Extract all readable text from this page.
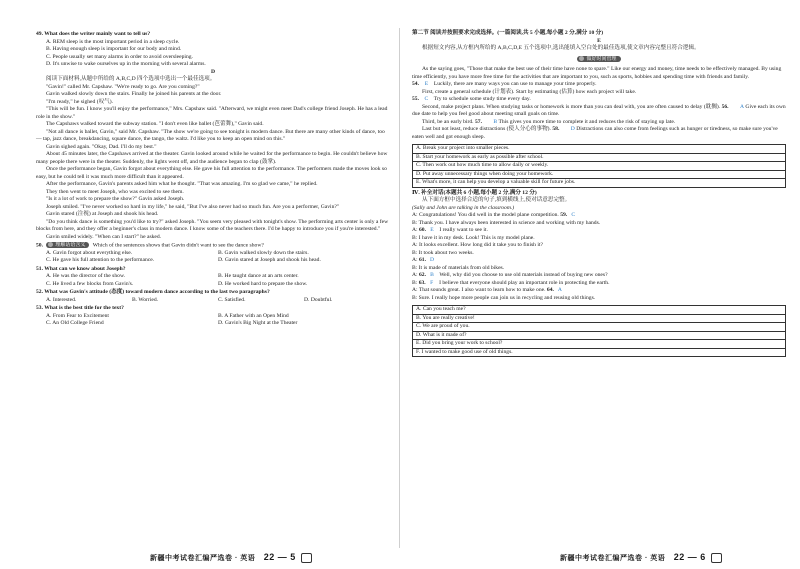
49. What does the writer mainly want to tell us?

A. REM sleep is the most important period in a sleep cycle.

B. Having enough sleep is important for our body and mind.

C. People usually set many alarms in order to avoid oversleeping.

D. It's unwise to wake ourselves up in the morning with several alarms.

D

阅读下面材料,从题中所给的 A,B,C,D 四个选项中选出一个最佳选项。

"Gavin!" called Mr. Capshaw. "We're ready to go. Are you coming?"

Gavin walked slowly down the stairs. Finally he joined his parents at the door.

"I'm ready," he sighed (叹气).

"This will be fun. I know you'll enjoy the performance," Mrs. Capshaw said. "Afterward, we might even meet Dad's college friend Joseph. He has a lead role in the show."

The Capshaws walked toward the subway station. "I don't even like ballet (芭蕾舞)," Gavin said.

"Not all dance is ballet, Gavin," said Mr. Capshaw. "The show we're going to see tonight is modern dance. But there are many other kinds of dance, too — tap, jazz dance, breakdancing, square dance, the tango, the waltz. I'd like you to keep an open mind on this."

Gavin sighed again. "Okay, Dad. I'll do my best."

About 45 minutes later, the Capshaws arrived at the theater. Gavin looked around while he waited for the performance to begin. He couldn't believe how many people there were in the theater. Suddenly, the lights went off, and the audience began to clap (鼓掌).

Once the performance began, Gavin forgot about everything else. He gave his full attention to the performance. The performers made the moves look so easy, but he could tell it was much more difficult than it appeared.

After the performance, Gavin's parents asked him what he thought. "That was amazing. I'm so glad we came," he replied.

They then went to meet Joseph, who was excited to see them.

"Is it a lot of work to prepare the show?" Gavin asked Joseph.

Joseph smiled. "I've never worked so hard in my life," he said, "But I've also never had so much fun. Are you a performer, Gavin?"

Gavin stared (注视) at Joseph and shook his head.

"Do you think dance is something you'd like to try?" asked Joseph. "You seem very pleased with tonight's show. The performing arts center is only a few blocks from here, and they offer a beginner's class in modern dance. I know some of the teachers there. I'd be happy to introduce you if you're interested."

Gavin smiled widely. "When can I start?" he asked.

50. 理解话语含义 Which of the sentences shows that Gavin didn't want to see the dance show?

A. Gavin forgot about everything else.	B. Gavin walked slowly down the stairs.
C. He gave his full attention to the performance.	D. Gavin stared at Joseph and shook his head.

51. What can we know about Joseph?

A. He was the director of the show.	B. He taught dance at an arts center.
C. He lived a few blocks from Gavin's.	D. He worked hard to prepare the show.

52. What was Gavin's attitude (态度) toward modern dance according to the last two paragraphs?

A. Interested.	B. Worried.	C. Satisfied.	D. Doubtful.

53. What is the best title for the text?

A. From Fear to Excitement	B. A Father with an Open Mind
C. An Old College Friend	D. Gavin's Big Night at the Theater
新疆中考试卷汇编严选卷 · 英语 22 — 5

第二节 阅读并按照要求完成选择。(一篇阅读,共 5 小题,每小题 2 分,满分 10 分)

E

根据短文内容,从方框内所给的 A,B,C,D,E 五个选项中,选出能填入空白处的最佳选项,使文章内容完整且符合逻辑。

做好时间管理

As the saying goes, "Those that make the best use of their time have none to spare." Like our energy and money, time needs to be effectively managed. By using time efficiently, you have more free time for the activities that are important to you, such as sports, hobbies and spending time with friends and family.

54. E Luckily, there are many ways you can use to manage your time properly.

First, create a general schedule (计划表). Start by estimating (估算) how each project will take.

55. C Try to schedule some study time every day.

Second, make project plans. When studying tasks or homework is more than you can deal with, you are often caused to delay (耽搁). 56. A Give each its own due date to help you feel good about meeting small goals on time.

Third, be an early bird. 57. B This gives you more time to complete it and reduces the risk of staying up late.

Last but not least, reduce distractions (使人分心的事物). 58. D Distractions can also come from feelings such as hunger or tiredness, so make sure you've eaten well and got enough sleep.

A. Break your project into smaller pieces.

B. Start your homework as early as possible after school.

C. Then work out how much time to allow daily or weekly.

D. Put away unnecessary things when doing your homework.

E. What's more, it can help you develop a valuable skill for future jobs.

Ⅳ. 补全对话(本题共 6 小题,每小题 2 分,满分 12 分)

从下面方框中选择合适的句子,填到横线上,使对话意思完整。

(Sally and John are talking in the classroom.)

A: Congratulations! You did well in the model plane competition. 59. C

B: Thank you. I have always been interested in science and working with my hands.

A: 60. E I really want to see it.

B: I have it in my desk. Look! This is my model plane.

A: It looks excellent. How long did it take you to finish it?

B: It took about two weeks.

A: 61. D

B: It is made of materials from old bikes.

A: 62. B Well, why did you choose to use old materials instead of buying new ones?

B: 63. F I believe that everyone should play an important role in protecting the earth.

A: That sounds great. I also want to learn how to make one. 64. A

B: Sure. I really hope more people can join us in recycling and reusing old things.

A. Can you teach me?

B. You are really creative!

C. We are proud of you.

D. What is it made of?

E. Did you bring your work to school?

F. I wanted to make good use of old things.

新疆中考试卷汇编严选卷 · 英语 22 — 6
